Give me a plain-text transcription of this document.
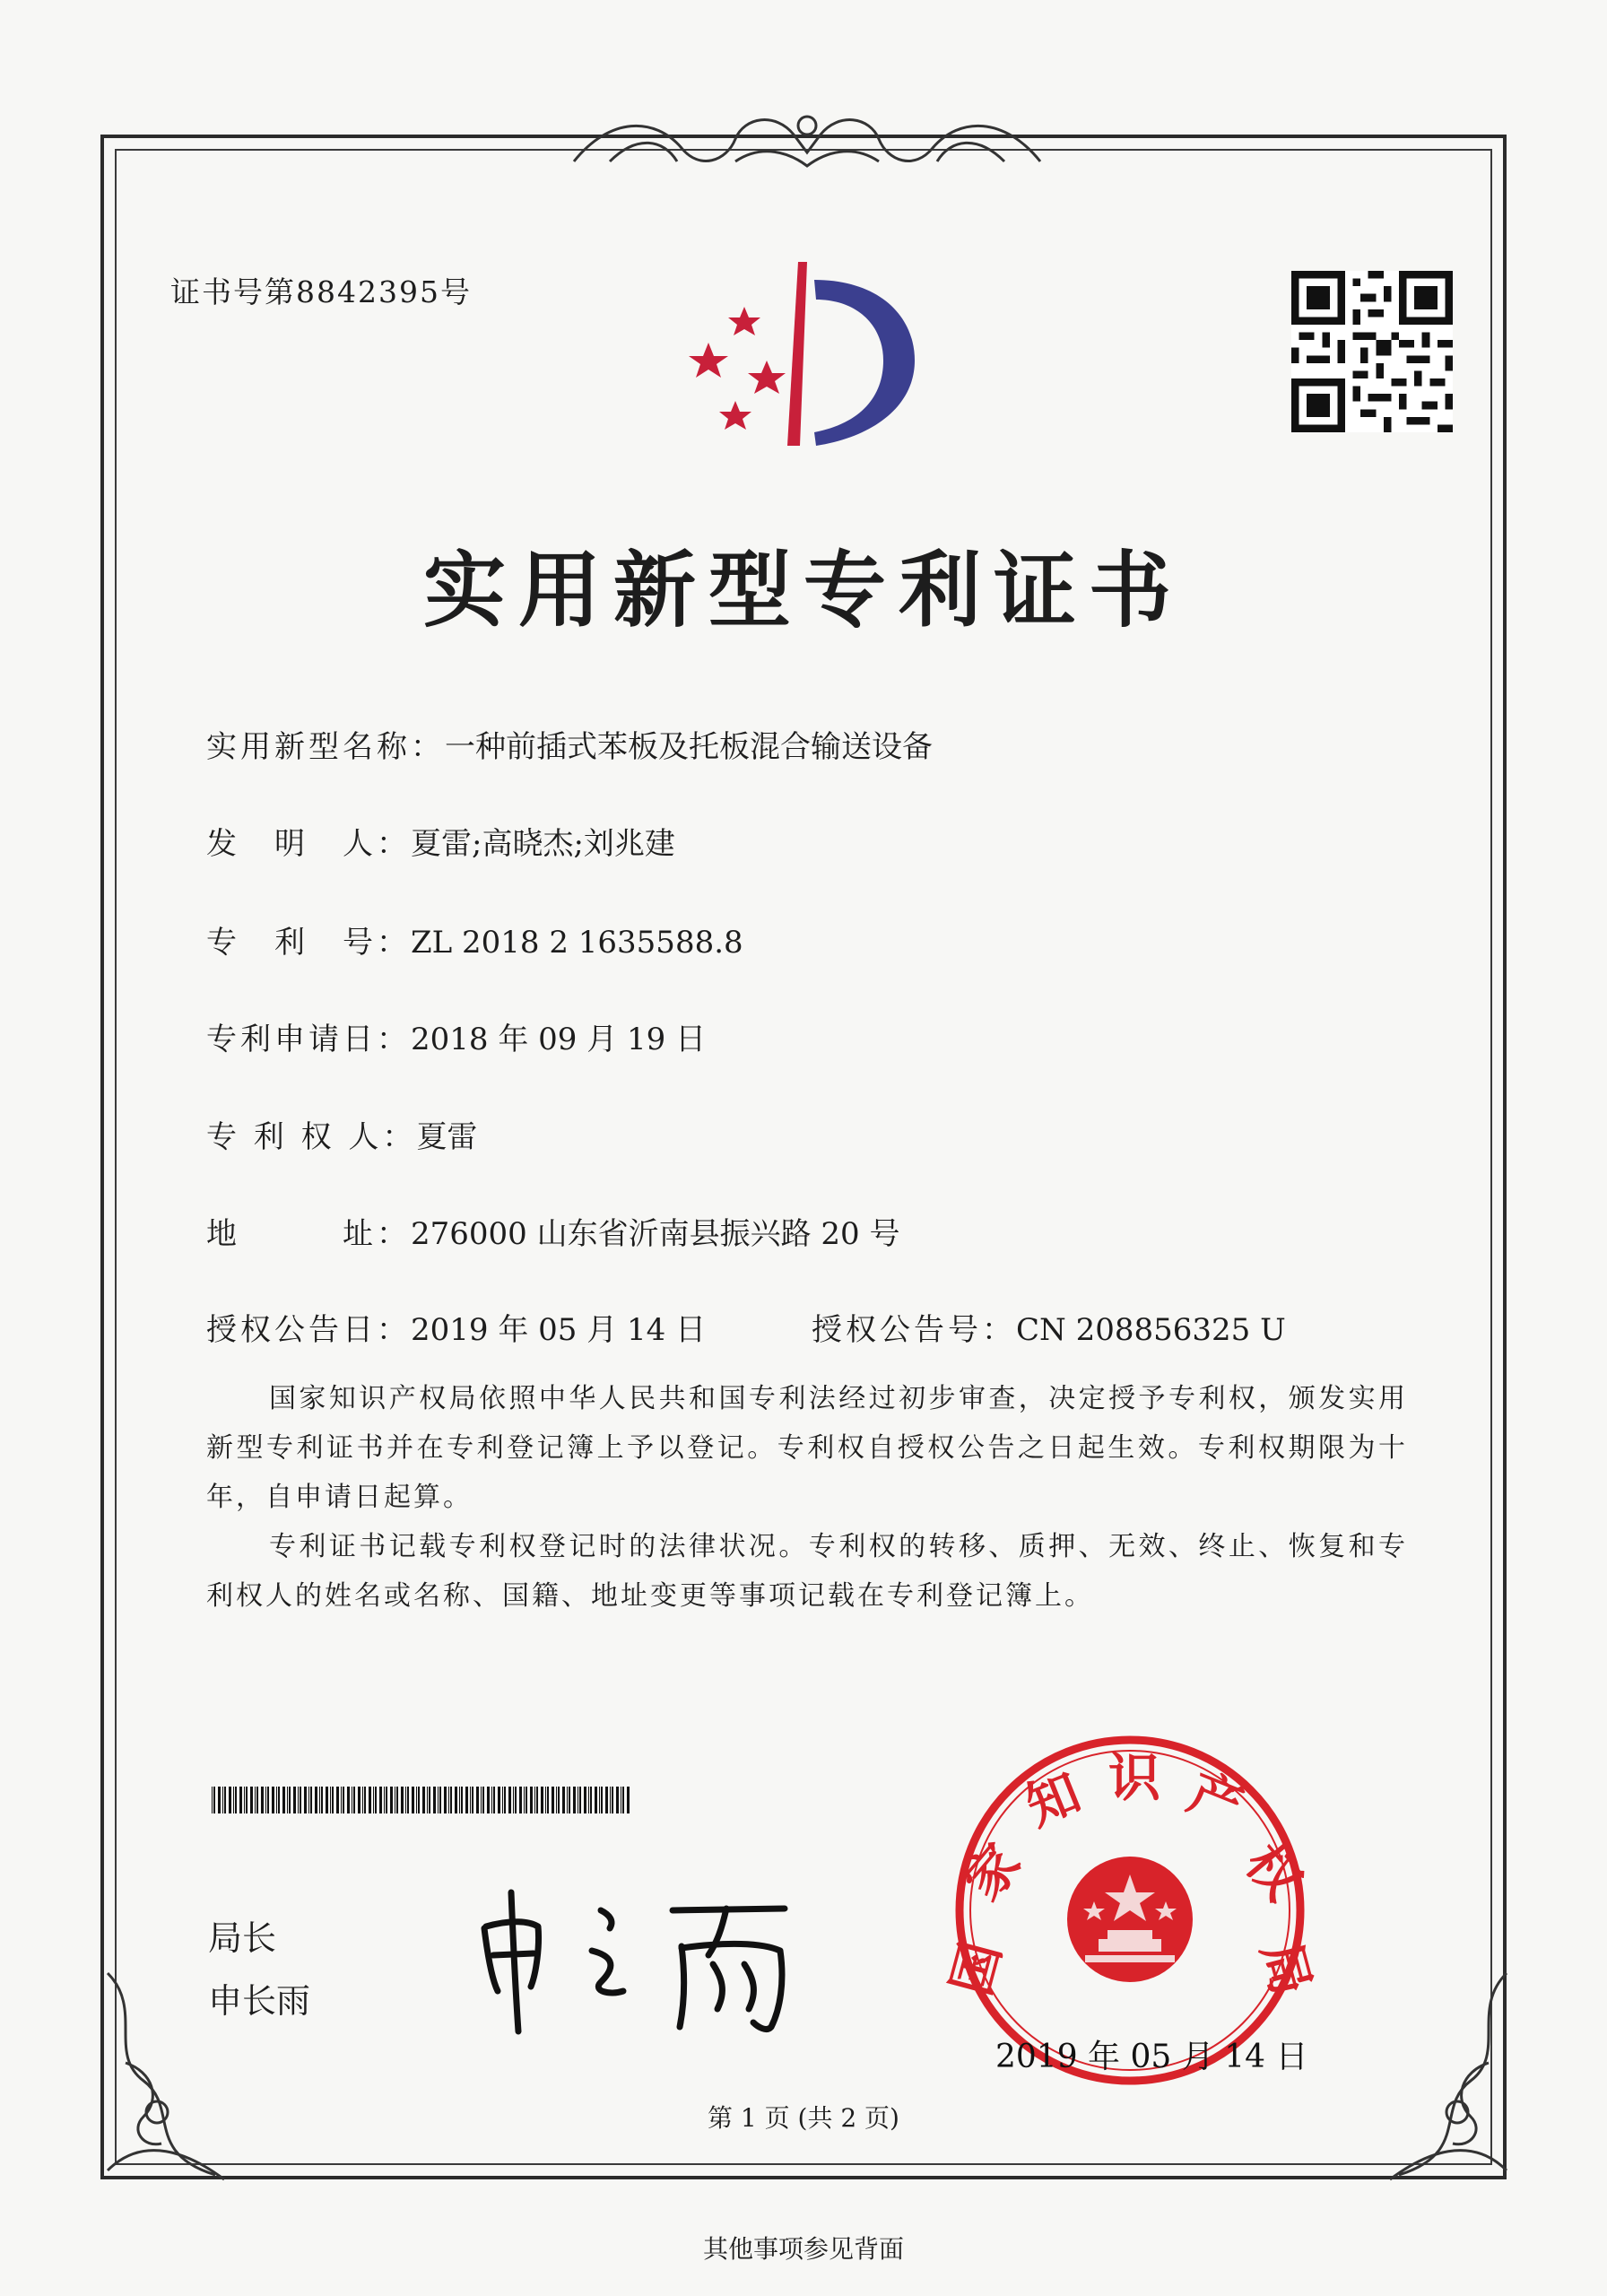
证书号第8842395号
实用新型专利证书
实用新型名称：一种前插式苯板及托板混合输送设备
发　明　人：夏雷;高晓杰;刘兆建
专　利　号：ZL 2018 2 1635588.8
专利申请日：2018 年 09 月 19 日
专 利 权 人：夏雷
地　　　址：276000 山东省沂南县振兴路 20 号
授权公告日：2019 年 05 月 14 日	授权公告号：CN 208856325 U
国家知识产权局依照中华人民共和国专利法经过初步审查，决定授予专利权，颁发实用新型专利证书并在专利登记簿上予以登记。专利权自授权公告之日起生效。专利权期限为十年，自申请日起算。
专利证书记载专利权登记时的法律状况。专利权的转移、质押、无效、终止、恢复和专利权人的姓名或名称、国籍、地址变更等事项记载在专利登记簿上。
局长
申长雨	国
家
知 识 产
权
局
2019 年 05 月 14 日
第 1 页 (共 2 页)
其他事项参见背面
